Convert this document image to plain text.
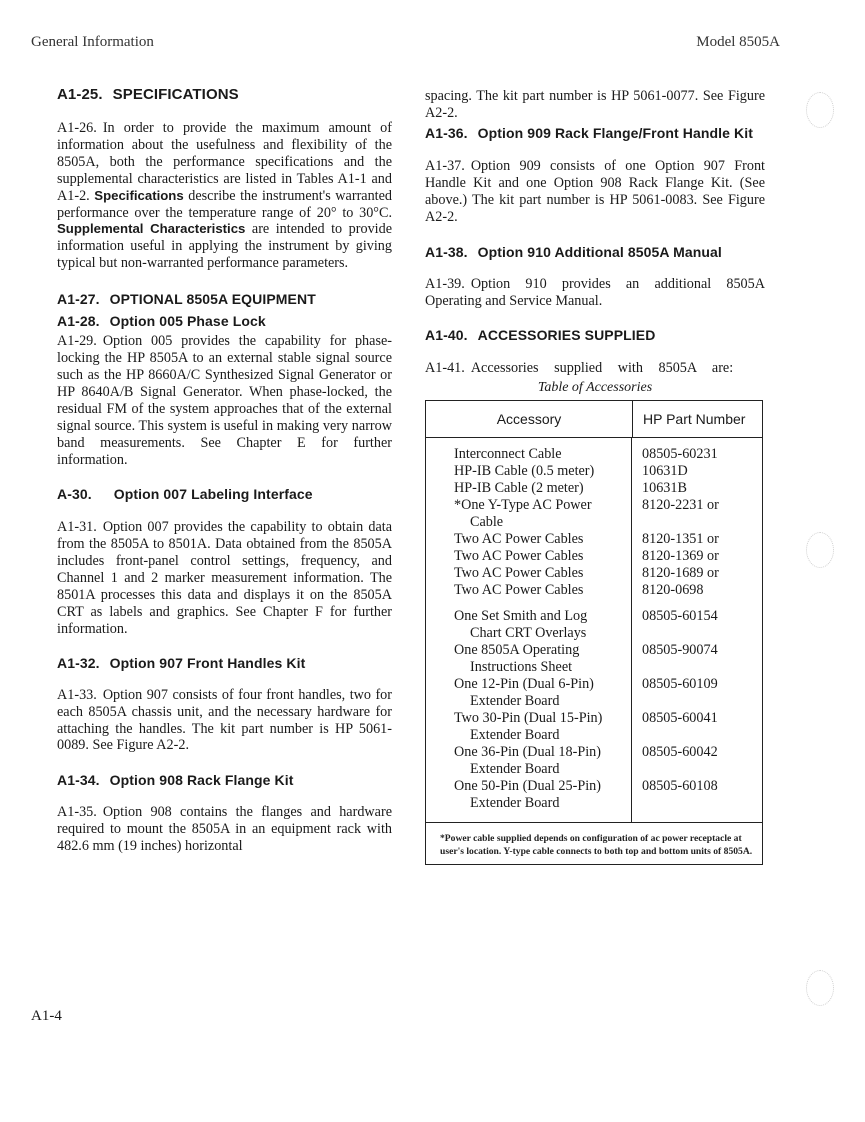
General Information	Model 8505A
A1-25. SPECIFICATIONS

A1-26. In order to provide the maximum amount of information about the usefulness and flexibility of the 8505A, both the performance specifications and the supplemental characteristics are listed in Tables A1-1 and A1-2. Specifications describe the instrument's warranted performance over the temperature range of 20° to 30°C. Supplemental Characteristics are intended to provide information useful in applying the instrument by giving typical but non-warranted performance parameters.

A1-27. OPTIONAL 8505A EQUIPMENT
A1-28. Option 005 Phase Lock

A1-29. Option 005 provides the capability for phase-locking the HP 8505A to an external stable signal source such as the HP 8660A/C Synthesized Signal Generator or HP 8640A/B Signal Generator. When phase-locked, the residual FM of the system approaches that of the external signal source. This system is useful in making very narrow band measurements. See Chapter E for further information.

A-30. Option 007 Labeling Interface

A1-31. Option 007 provides the capability to obtain data from the 8505A to 8501A. Data obtained from the 8505A includes front-panel control settings, frequency, and Channel 1 and 2 marker measurement information. The 8501A processes this data and displays it on the 8505A CRT as labels and graphics. See Chapter F for further information.

A1-32. Option 907 Front Handles Kit

A1-33. Option 907 consists of four front handles, two for each 8505A chassis unit, and the necessary hardware for attaching the handles. The kit part number is HP 5061-0089. See Figure A2-2.

A1-34. Option 908 Rack Flange Kit

A1-35. Option 908 contains the flanges and hardware required to mount the 8505A in an equipment rack with 482.6 mm (19 inches) horizontal

spacing. The kit part number is HP 5061-0077. See Figure A2-2.

A1-36. Option 909 Rack Flange/Front Handle Kit

A1-37. Option 909 consists of one Option 907 Front Handle Kit and one Option 908 Rack Flange Kit. (See above.) The kit part number is HP 5061-0083. See Figure A2-2.

A1-38. Option 910 Additional 8505A Manual

A1-39. Option 910 provides an additional 8505A Operating and Service Manual.

A1-40. ACCESSORIES SUPPLIED

A1-41. Accessories supplied with 8505A are:

Table of Accessories
Accessory	HP Part Number
Interconnect Cable
HP-IB Cable (0.5 meter)
HP-IB Cable (2 meter)
*One Y-Type AC Power
Cable
Two AC Power Cables
Two AC Power Cables
Two AC Power Cables
Two AC Power Cables
One Set Smith and Log
Chart CRT Overlays
One 8505A Operating
Instructions Sheet
One 12-Pin (Dual 6-Pin)
Extender Board
Two 30-Pin (Dual 15-Pin)
Extender Board
One 36-Pin (Dual 18-Pin)
Extender Board
One 50-Pin (Dual 25-Pin)
Extender Board
08505-60231
10631D
10631B
8120-2231 or

8120-1351 or
8120-1369 or
8120-1689 or
8120-0698
08505-60154

08505-90074

08505-60109

08505-60041

08505-60042

08505-60108

*Power cable supplied depends on configuration of ac power receptacle at user's location. Y-type cable connects to both top and bottom units of 8505A.
A1-4
